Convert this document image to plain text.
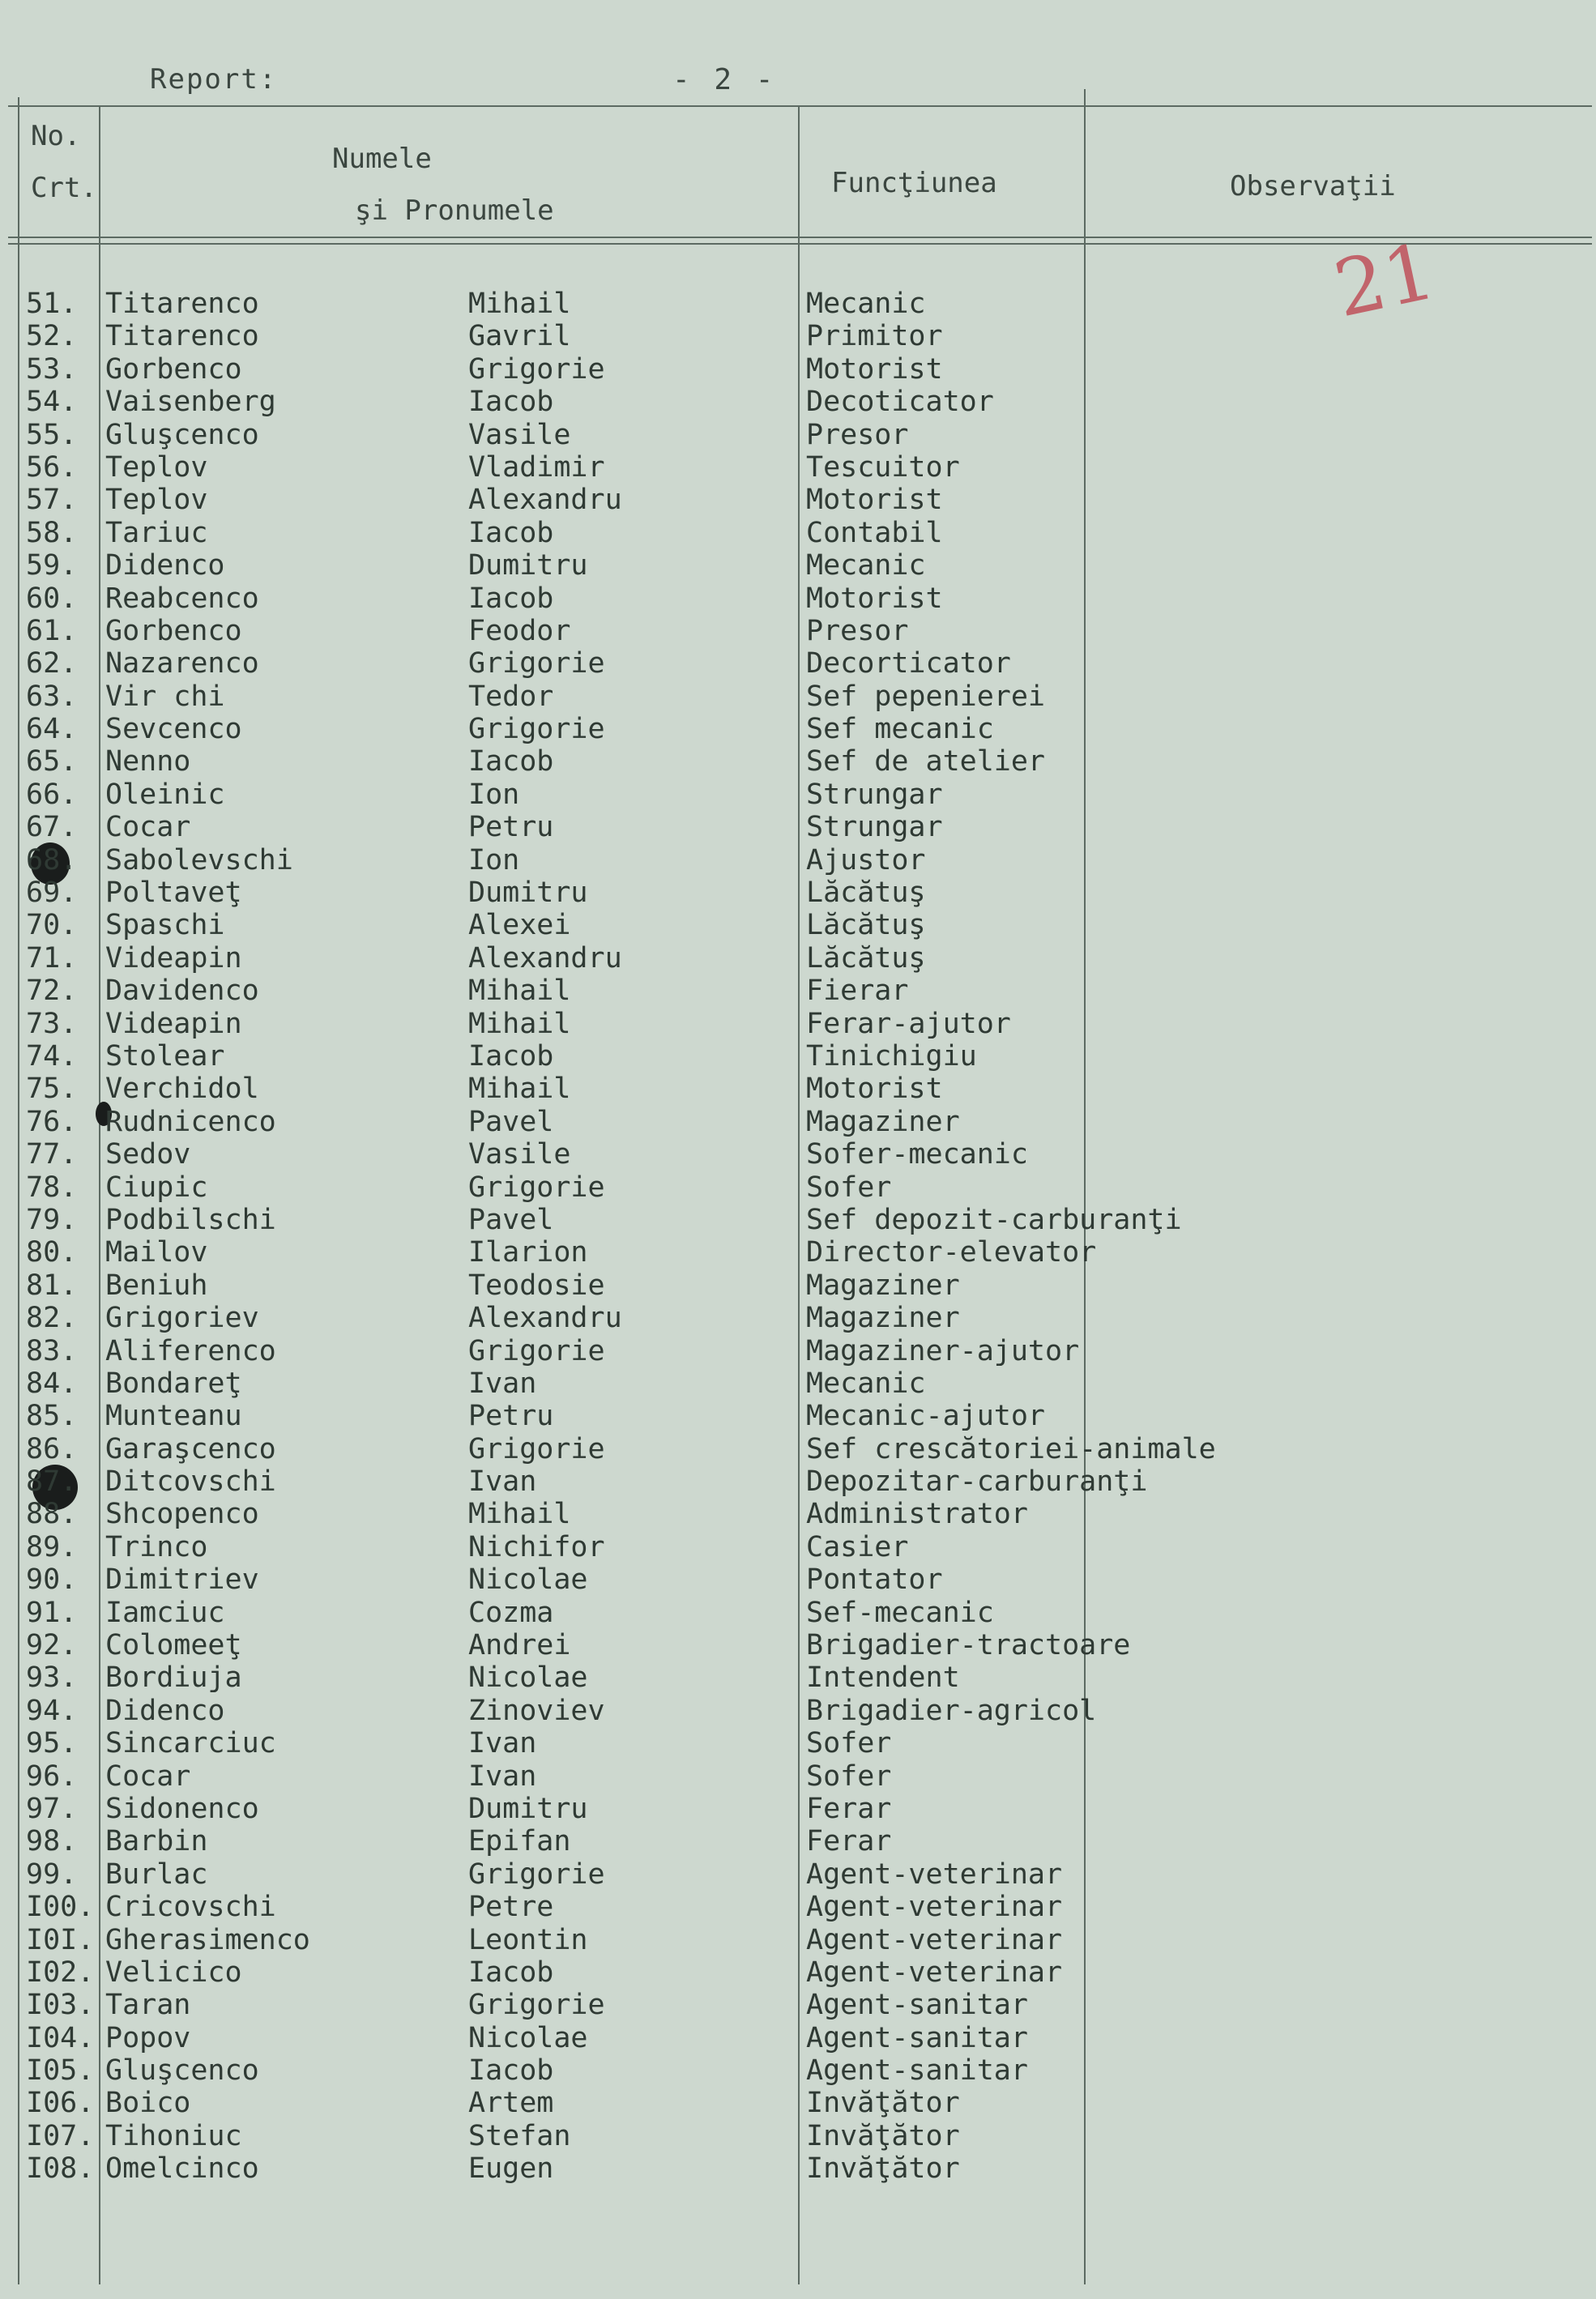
Report:	- 2 -
No.
Crt.
Numele
şi Pronumele
Funcţiunea	Observaţii
21
51. Titarenco	Mihail	Mecanic
52. Titarenco	Gavril	Primitor
53. Gorbenco	Grigorie	Motorist
54. Vaisenberg	Iacob	Decoticator
55. Gluşcenco	Vasile	Presor
56. Teplov	Vladimir	Tescuitor
57. Teplov	Alexandru	Motorist
58. Tariuc	Iacob	Contabil
59. Didenco	Dumitru	Mecanic
60. Reabcenco	Iacob	Motorist
61. Gorbenco	Feodor	Presor
62. Nazarenco	Grigorie	Decorticator
63. Vir chi	Tedor	Sef pepenierei
64. Sevcenco	Grigorie	Sef mecanic
65. Nenno	Iacob	Sef de atelier
66. Oleinic	Ion	Strungar
67. Cocar	Petru	Strungar
68. Sabolevschi	Ion	Ajustor
69. Poltaveţ	Dumitru	Lăcătuş
70. Spaschi	Alexei	Lăcătuş
71. Videapin	Alexandru	Lăcătuş
72. Davidenco	Mihail	Fierar
73. Videapin	Mihail	Ferar-ajutor
74. Stolear	Iacob	Tinichigiu
75. Verchidol	Mihail	Motorist
76. Rudnicenco	Pavel	Magaziner
77. Sedov	Vasile	Sofer-mecanic
78. Ciupic	Grigorie	Sofer
79. Podbilschi	Pavel	Sef depozit-carburanţi
80. Mailov	Ilarion	Director-elevator
81. Beniuh	Teodosie	Magaziner
82. Grigoriev	Alexandru	Magaziner
83. Aliferenco	Grigorie	Magaziner-ajutor
84. Bondareţ	Ivan	Mecanic
85. Munteanu	Petru	Mecanic-ajutor
86. Garaşcenco	Grigorie	Sef crescătoriei-animale
87. Ditcovschi	Ivan	Depozitar-carburanţi
88. Shcopenco	Mihail	Administrator
89. Trinco	Nichifor	Casier
90. Dimitriev	Nicolae	Pontator
91. Iamciuc	Cozma	Sef-mecanic
92. Colomeeţ	Andrei	Brigadier-tractoare
93. Bordiuja	Nicolae	Intendent
94. Didenco	Zinoviev	Brigadier-agricol
95. Sincarciuc	Ivan	Sofer
96. Cocar	Ivan	Sofer
97. Sidonenco	Dumitru	Ferar
98. Barbin	Epifan	Ferar
99. Burlac	Grigorie	Agent-veterinar
I00. Cricovschi	Petre	Agent-veterinar
I0I. Gherasimenco	Leontin	Agent-veterinar
I02. Velicico	Iacob	Agent-veterinar
I03. Taran	Grigorie	Agent-sanitar
I04. Popov	Nicolae	Agent-sanitar
I05. Gluşcenco	Iacob	Agent-sanitar
I06. Boico	Artem	Invăţător
I07. Tihoniuc	Stefan	Invăţător
I08. Omelcinco	Eugen	Invăţător
